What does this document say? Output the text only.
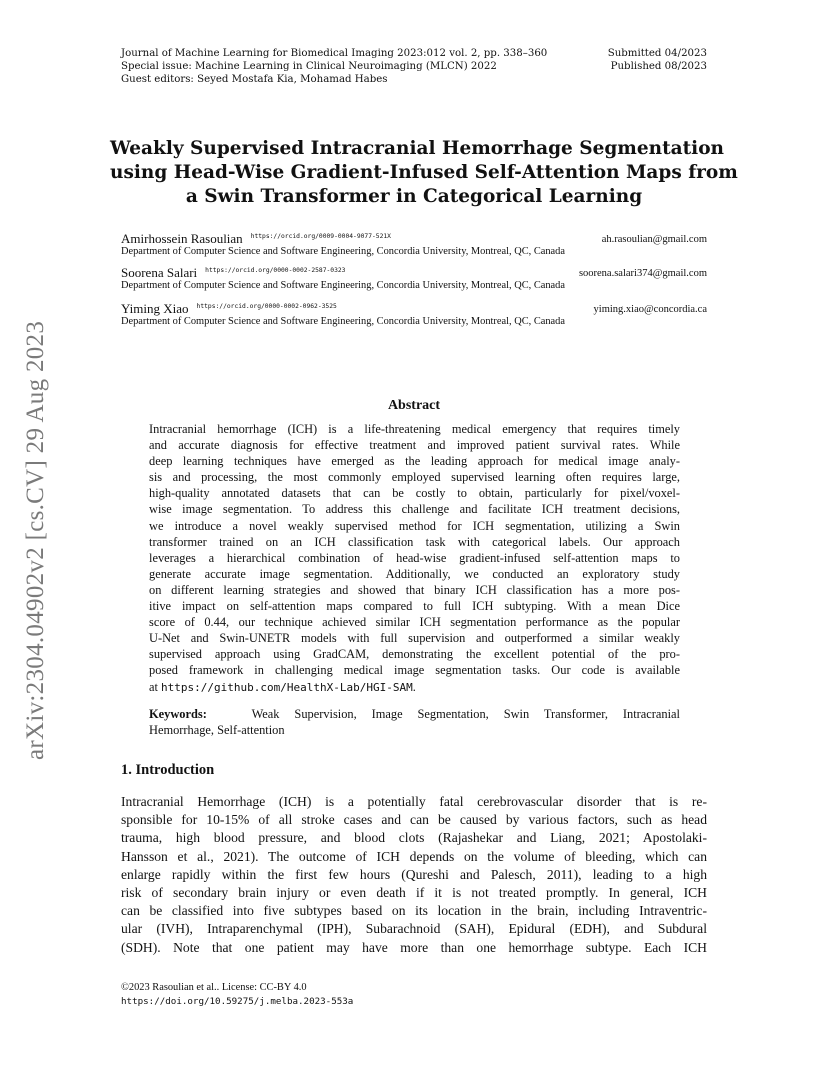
Journal of Machine Learning for Biomedical Imaging 2023:012 vol. 2, pp. 338–360
Special issue: Machine Learning in Clinical Neuroimaging (MLCN) 2022
Guest editors: Seyed Mostafa Kia, Mohamad Habes
Submitted 04/2023
Published 08/2023
arXiv:2304.04902v2 [cs.CV] 29 Aug 2023
Weakly Supervised Intracranial Hemorrhage Segmentation
using Head-Wise Gradient-Infused Self-Attention Maps from
a Swin Transformer in Categorical Learning
Amirhossein Rasoulian $^{https://orcid.org/0009-0004-9077-521X}$	ah.rasoulian@gmail.com
Department of Computer Science and Software Engineering, Concordia University, Montreal, QC, Canada
Soorena Salari $^{https://orcid.org/0000-0002-2587-0323}$	soorena.salari374@gmail.com
Department of Computer Science and Software Engineering, Concordia University, Montreal, QC, Canada
Yiming Xiao $^{https://orcid.org/0000-0002-0962-3525}$	yiming.xiao@concordia.ca
Department of Computer Science and Software Engineering, Concordia University, Montreal, QC, Canada
Abstract
Intracranial hemorrhage (ICH) is a life-threatening medical emergency that requires timely
and accurate diagnosis for effective treatment and improved patient survival rates. While
deep learning techniques have emerged as the leading approach for medical image analy-
sis and processing, the most commonly employed supervised learning often requires large,
high-quality annotated datasets that can be costly to obtain, particularly for pixel/voxel-
wise image segmentation. To address this challenge and facilitate ICH treatment decisions,
we introduce a novel weakly supervised method for ICH segmentation, utilizing a Swin
transformer trained on an ICH classification task with categorical labels. Our approach
leverages a hierarchical combination of head-wise gradient-infused self-attention maps to
generate accurate image segmentation. Additionally, we conducted an exploratory study
on different learning strategies and showed that binary ICH classification has a more pos-
itive impact on self-attention maps compared to full ICH subtyping. With a mean Dice
score of 0.44, our technique achieved similar ICH segmentation performance as the popular
U-Net and Swin-UNETR models with full supervision and outperformed a similar weakly
supervised approach using GradCAM, demonstrating the excellent potential of the pro-
posed framework in challenging medical image segmentation tasks. Our code is available
at https://github.com/HealthX-Lab/HGI-SAM.
Keywords:	Weak Supervision, Image Segmentation, Swin Transformer, Intracranial
Hemorrhage, Self-attention
1. Introduction
Intracranial Hemorrhage (ICH) is a potentially fatal cerebrovascular disorder that is re-
sponsible for 10-15% of all stroke cases and can be caused by various factors, such as head
trauma, high blood pressure, and blood clots (Rajashekar and Liang, 2021; Apostolaki-
Hansson et al., 2021). The outcome of ICH depends on the volume of bleeding, which can
enlarge rapidly within the first few hours (Qureshi and Palesch, 2011), leading to a high
risk of secondary brain injury or even death if it is not treated promptly. In general, ICH
can be classified into five subtypes based on its location in the brain, including Intraventric-
ular (IVH), Intraparenchymal (IPH), Subarachnoid (SAH), Epidural (EDH), and Subdural
(SDH). Note that one patient may have more than one hemorrhage subtype. Each ICH
©2023 Rasoulian et al.. License: CC-BY 4.0
https://doi.org/10.59275/j.melba.2023-553a
